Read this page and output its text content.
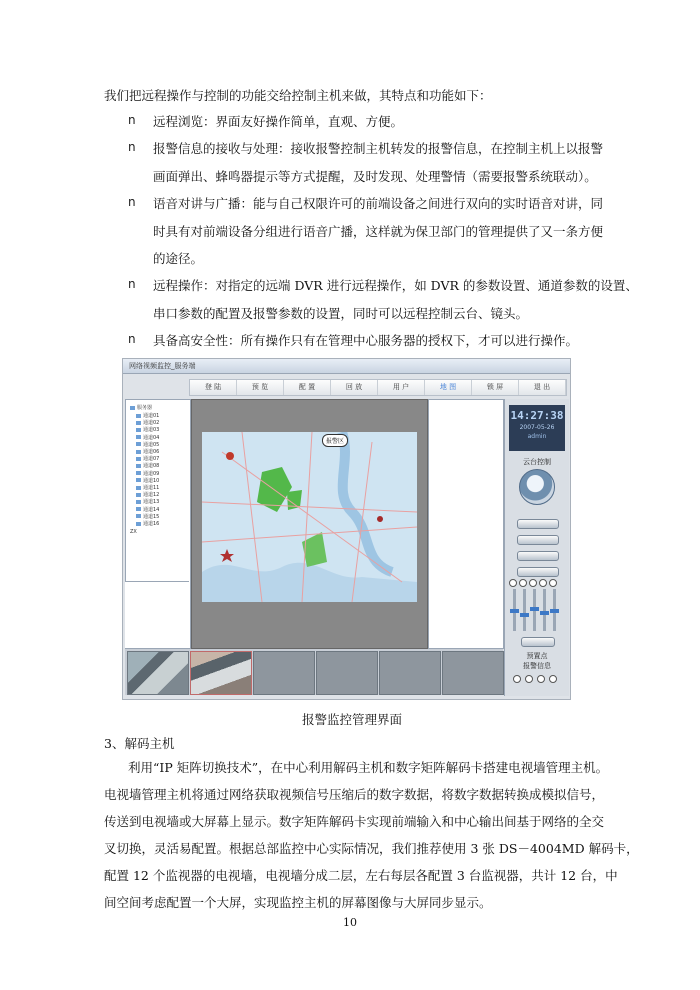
我们把远程操作与控制的功能交给控制主机来做，其特点和功能如下：
n 远程浏览：界面友好操作简单，直观、方便。
n 报警信息的接收与处理：接收报警控制主机转发的报警信息，在控制主机上以报警
画面弹出、蜂鸣器提示等方式提醒，及时发现、处理警情（需要报警系统联动）。
n 语音对讲与广播：能与自己权限许可的前端设备之间进行双向的实时语音对讲，同
时具有对前端设备分组进行语音广播，这样就为保卫部门的管理提供了又一条方便
的途径。
n 远程操作：对指定的远端 DVR 进行远程操作，如 DVR 的参数设置、通道参数的设置、
串口参数的配置及报警参数的设置，同时可以远程控制云台、镜头。
n 具备高安全性：所有操作只有在管理中心服务器的授权下，才可以进行操作。
网络视频监控_服务端
登 陆	预 览	配 置	回 放	用 户	地 图	锁 屏	退 出
服务器
通道01
通道02
通道03
通道04
通道05
通道06
通道07
通道08
通道09
通道10
通道11
通道12
通道13
通道14
通道15
通道16
ZX
报警区
14:27:38
2007-05-26
admin
云台控制
预置点
报警信息
报警监控管理界面
3、解码主机
利用“IP 矩阵切换技术”，在中心利用解码主机和数字矩阵解码卡搭建电视墙管理主机。
电视墙管理主机将通过网络获取视频信号压缩后的数字数据，将数字数据转换成模拟信号，
传送到电视墙或大屏幕上显示。数字矩阵解码卡实现前端输入和中心输出间基于网络的全交
叉切换，灵活易配置。根据总部监控中心实际情况，我们推荐使用 3 张 DS－4004MD 解码卡，
配置 12 个监视器的电视墙，电视墙分成二层，左右每层各配置 3 台监视器，共计 12 台，中
间空间考虑配置一个大屏，实现监控主机的屏幕图像与大屏同步显示。
10
